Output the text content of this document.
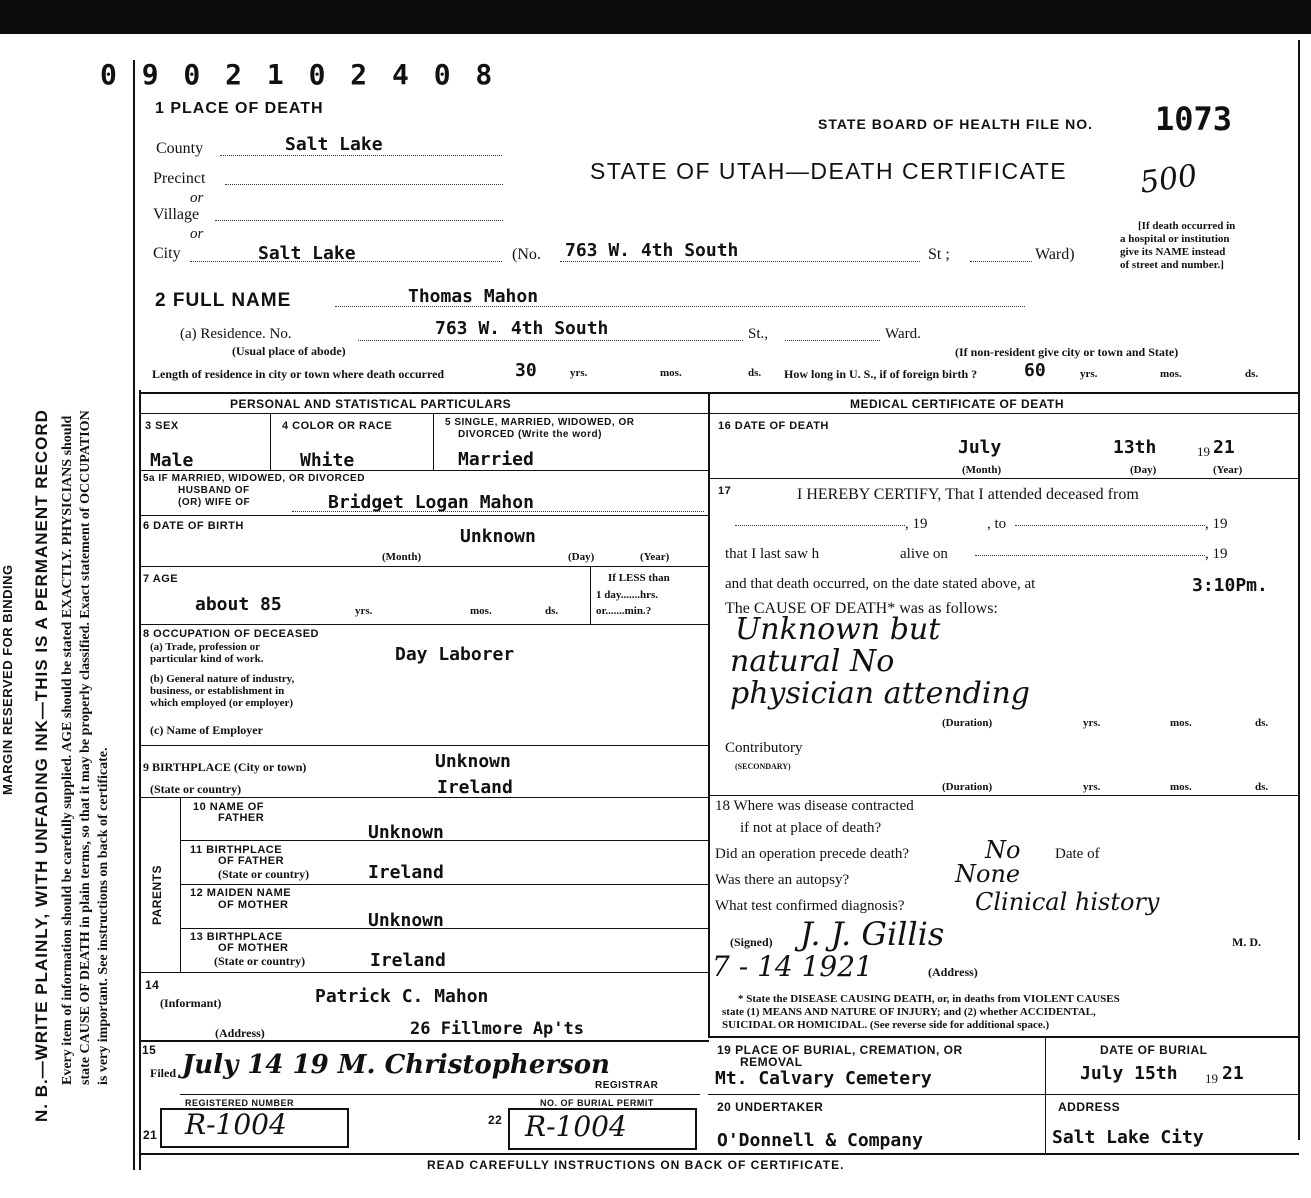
MARGIN RESERVED FOR BINDING N. B.—WRITE PLAINLY, WITH UNFADING INK—THIS IS A PERMANENT RECORD Every item of information should be carefully supplied. AGE should be stated EXACTLY. PHYSICIANS should state CAUSE OF DEATH in plain terms, so that it may be properly classified. Exact statement of OCCUPATION is very important. See instructions on back of certificate.
0 9 0 2 1 0 2 4 0 8
1 PLACE OF DEATH
STATE BOARD OF HEALTH FILE NO. 1073
STATE OF UTAH—DEATH CERTIFICATE 500
County	Salt Lake
Precinct
or
Village
or
City	Salt Lake	(No. 763 W. 4th South	St ;	Ward)
[If death occurred in
a hospital or institution
give its NAME instead
of street and number.]
2 FULL NAME	Thomas Mahon
(a) Residence. No.	763 W. 4th South	St.,	Ward.
(Usual place of abode)	(If non-resident give city or town and State)
Length of residence in city or town where death occurred	30	yrs.	mos.	ds. How long in U. S., if of foreign birth ?	60	yrs.	mos.	ds.
PERSONAL AND STATISTICAL PARTICULARS	MEDICAL CERTIFICATE OF DEATH
3 SEX
Male
4 COLOR OR RACE
White
5 SINGLE, MARRIED, WIDOWED, OR
DIVORCED (Write the word)
Married
5a IF MARRIED, WIDOWED, OR DIVORCED
HUSBAND OF
(OR) WIFE OF	Bridget Logan Mahon
6 DATE OF BIRTH	Unknown
(Month)	(Day)	(Year)
7 AGE
about 85	yrs.	mos.	ds.
If LESS than
1 day.......hrs.
or.......min.?
8 OCCUPATION OF DECEASED
(a) Trade, profession or
particular kind of work.	Day Laborer
(b) General nature of industry,
business, or establishment in
which employed (or employer)
(c) Name of Employer
9 BIRTHPLACE (City or town)	Unknown
(State or country)	Ireland
PARENTS
10 NAME OF
FATHER
Unknown
11 BIRTHPLACE
OF FATHER
(State or country)	Ireland
12 MAIDEN NAME
OF MOTHER
Unknown
13 BIRTHPLACE
OF MOTHER
(State or country)	Ireland
14
(Informant)	Patrick C. Mahon
(Address)	26 Fillmore Ap'ts
15
Filed July 14 19 M. Christopherson
REGISTRAR
REGISTERED NUMBER	NO. OF BURIAL PERMIT
21 R-1004	22 R-1004
16 DATE OF DEATH
July	13th	19 21
(Month)	(Day)	(Year)
17	I HEREBY CERTIFY, That I attended deceased from
, 19	, to	, 19
that I last saw h	alive on	, 19
and that death occurred, on the date stated above, at	3:10Pm.
The CAUSE OF DEATH* was as follows:
Unknown but
natural No
physician attending
(Duration)	yrs.	mos.	ds.
Contributory
(SECONDARY)
(Duration)	yrs.	mos.	ds.
18 Where was disease contracted
if not at place of death?
Did an operation precede death?	No Date of
Was there an autopsy?	None
What test confirmed diagnosis?	Clinical history
(Signed) J. J. Gillis	M. D.
7 - 14 1921	(Address)
* State the DISEASE CAUSING DEATH, or, in deaths from VIOLENT CAUSES
state (1) MEANS AND NATURE OF INJURY; and (2) whether ACCIDENTAL,
SUICIDAL OR HOMICIDAL. (See reverse side for additional space.)
19 PLACE OF BURIAL, CREMATION, OR
REMOVAL
Mt. Calvary Cemetery
DATE OF BURIAL
July 15th 19 21
20 UNDERTAKER
O'Donnell & Company
ADDRESS
Salt Lake City
READ CAREFULLY INSTRUCTIONS ON BACK OF CERTIFICATE.
